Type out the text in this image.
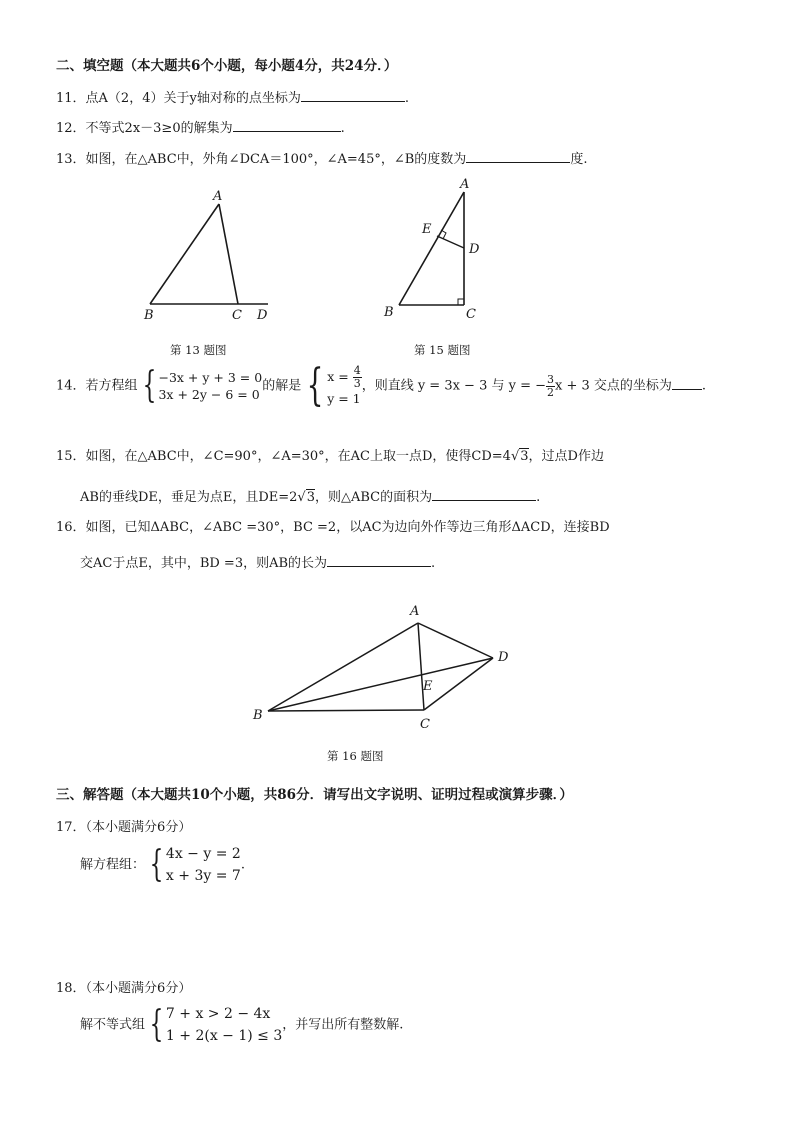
二、填空题（本大题共6个小题，每小题4分，共24分．）
11．点A（2，4）关于y轴对称的点坐标为	.
12．不等式2x－3≥0的解集为	.
13．如图，在△ABC中，外角∠DCA＝100°，∠A=45°，∠B的度数为	度.
A
B	C D
第 13 题图
A
E
D
B	C
第 15 题图
14．若方程组 { −3x + y + 3 = 0
3x + 2y − 6 = 0
的解是 { $x = \frac{4}{3}$
y = 1
，则直线 y = 3x − 3 与 y = − $\frac{3}{2}$ x + 3 交点的坐标为 .
15．如图，在△ABC中，∠C=90°，∠A=30°，在AC上取一点D，使得CD=4√3，过点D作边
AB的垂线DE，垂足为点E，且DE=2√3，则△ABC的面积为	.
16．如图，已知ΔABC，∠ABC =30°，BC =2，以AC为边向外作等边三角形ΔACD，连接BD
交AC于点E，其中，BD =3，则AB的长为	.
A
D
E
B
C
第 16 题图
三、解答题（本大题共10个小题，共86分．请写出文字说明、证明过程或演算步骤．）
17．（本小题满分6分）
解方程组： { 4x − y = 2
x + 3y = 7
.
18．（本小题满分6分）
解不等式组 { 7 + x > 2 − 4x
1 + 2(x − 1) ≤ 3
，并写出所有整数解.
